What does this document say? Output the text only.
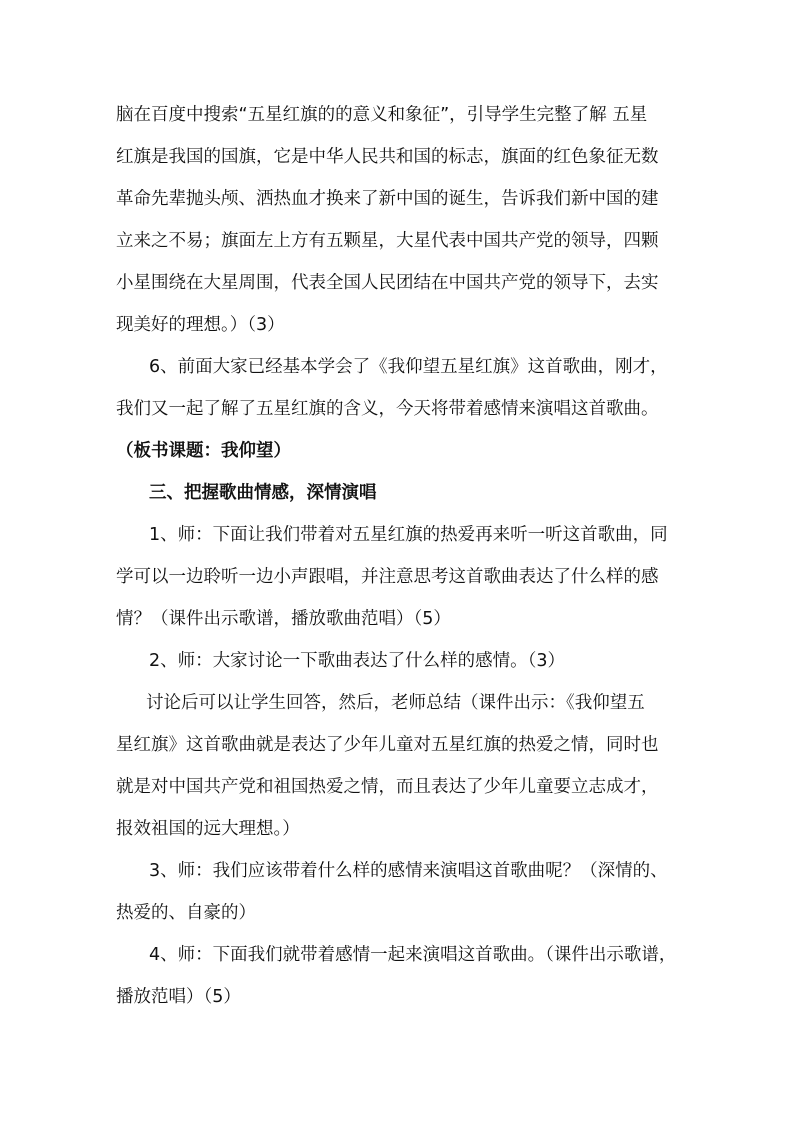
脑在百度中搜索“五星红旗的的意义和象征”，引导学生完整了解 五星
红旗是我国的国旗，它是中华人民共和国的标志，旗面的红色象征无数
革命先辈抛头颅、洒热血才换来了新中国的诞生，告诉我们新中国的建
立来之不易；旗面左上方有五颗星，大星代表中国共产党的领导，四颗
小星围绕在大星周围，代表全国人民团结在中国共产党的领导下，去实
现美好的理想。）（3）
6、前面大家已经基本学会了《我仰望五星红旗》这首歌曲，刚才，
我们又一起了解了五星红旗的含义，今天将带着感情来演唱这首歌曲。
（板书课题：我仰望）
三、把握歌曲情感，深情演唱
1、师：下面让我们带着对五星红旗的热爱再来听一听这首歌曲，同
学可以一边聆听一边小声跟唱，并注意思考这首歌曲表达了什么样的感
情？（课件出示歌谱，播放歌曲范唱）（5）
2、师：大家讨论一下歌曲表达了什么样的感情。（3）
讨论后可以让学生回答，然后，老师总结（课件出示：《我仰望五
星红旗》这首歌曲就是表达了少年儿童对五星红旗的热爱之情，同时也
就是对中国共产党和祖国热爱之情，而且表达了少年儿童要立志成才，
报效祖国的远大理想。）
3、师：我们应该带着什么样的感情来演唱这首歌曲呢？（深情的、
热爱的、自豪的）
4、师：下面我们就带着感情一起来演唱这首歌曲。（课件出示歌谱，
播放范唱）（5）
